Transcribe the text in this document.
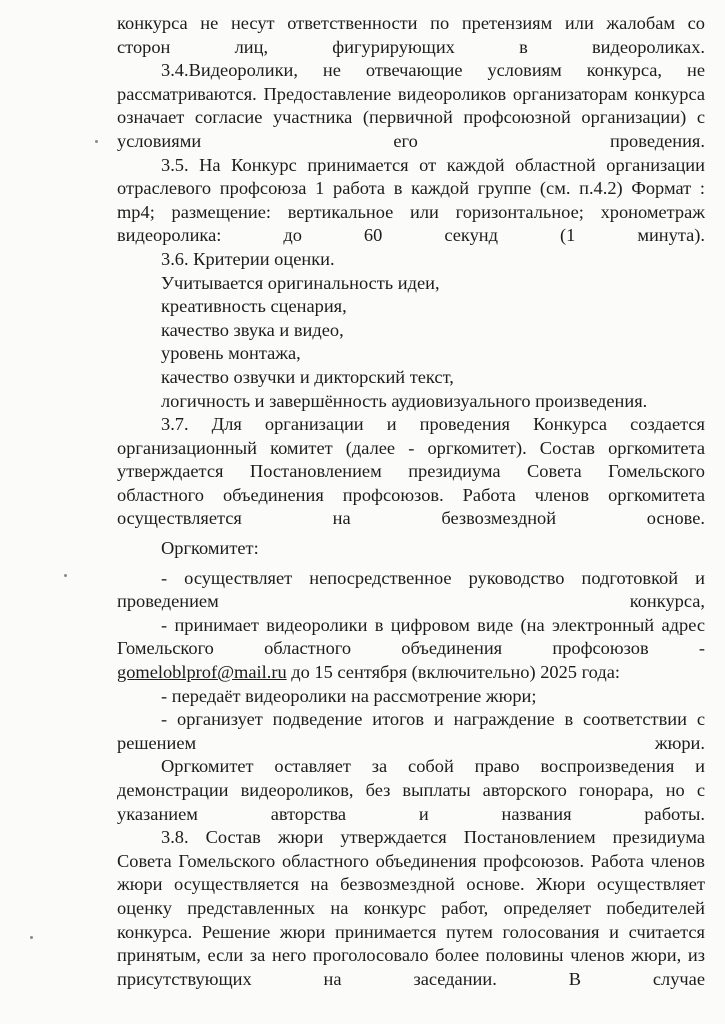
конкурса не несут ответственности по претензиям или жалобам со сторон лиц, фигурирующих в видеороликах.

3.4.Видеоролики, не отвечающие условиям конкурса, не рассматриваются. Предоставление видеороликов организаторам конкурса означает согласие участника (первичной профсоюзной организации) с условиями его проведения.

3.5. На Конкурс принимается от каждой областной организации отраслевого профсоюза 1 работа в каждой группе (см. п.4.2) Формат : mp4; размещение: вертикальное или горизонтальное; хронометраж видеоролика: до 60 секунд (1 минута).

3.6. Критерии оценки.

Учитывается оригинальность идеи,

креативность сценария,

качество звука и видео,

уровень монтажа,

качество озвучки и дикторский текст,

логичность и завершённость аудиовизуального произведения.

3.7. Для организации и проведения Конкурса создается организационный комитет (далее - оргкомитет). Состав оргкомитета утверждается Постановлением президиума Совета Гомельского областного объединения профсоюзов. Работа членов оргкомитета осуществляется на безвозмездной основе.

Оргкомитет:

- осуществляет непосредственное руководство подготовкой и проведением конкурса,

- принимает видеоролики в цифровом виде (на электронный адрес Гомельского областного объединения профсоюзов -

gomeloblprof@mail.ru до 15 сентября (включительно) 2025 года:

- передаёт видеоролики на рассмотрение жюри;

- организует подведение итогов и награждение в соответствии с решением жюри.

Оргкомитет оставляет за собой право воспроизведения и демонстрации видеороликов, без выплаты авторского гонорара, но с указанием авторства и названия работы.

3.8. Состав жюри утверждается Постановлением президиума Совета Гомельского областного объединения профсоюзов. Работа членов жюри осуществляется на безвозмездной основе. Жюри осуществляет оценку представленных на конкурс работ, определяет победителей конкурса. Решение жюри принимается путем голосования и считается принятым, если за него проголосовало более половины членов жюри, из присутствующих на заседании. В случае
